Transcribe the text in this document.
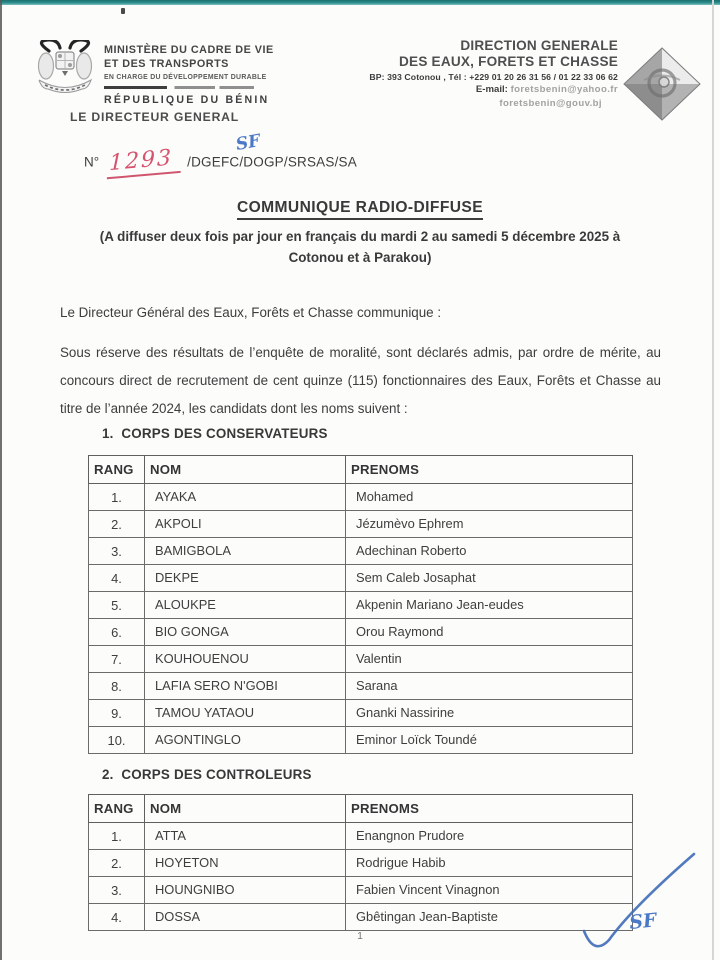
MINISTÈRE DU CADRE DE VIE
ET DES TRANSPORTS
EN CHARGE DU DÉVELOPPEMENT DURABLE
RÉPUBLIQUE DU BÉNIN
LE DIRECTEUR GENERAL
DIRECTION GENERALE
DES EAUX, FORETS ET CHASSE
BP: 393 Cotonou , Tél : +229 01 20 26 31 56 / 01 22 33 06 62
E-mail: foretsbenin@yahoo.fr
foretsbenin@gouv.bj
N° 1293 /DGEFC/DOGP/SRSAS/SA
SF
COMMUNIQUE RADIO-DIFFUSE
(A diffuser deux fois par jour en français du mardi 2 au samedi 5 décembre 2025 à Cotonou et à Parakou)
Le Directeur Général des Eaux, Forêts et Chasse communique :
Sous réserve des résultats de l’enquête de moralité, sont déclarés admis, par ordre de mérite, au concours direct de recrutement de cent quinze (115) fonctionnaires des Eaux, Forêts et Chasse au titre de l’année 2024, les candidats dont les noms suivent :
1. CORPS DES CONSERVATEURS
RANG	NOM	PRENOMS
1.	AYAKA	Mohamed
2.	AKPOLI	Jézumèvo Ephrem
3.	BAMIGBOLA	Adechinan Roberto
4.	DEKPE	Sem Caleb Josaphat
5.	ALOUKPE	Akpenin Mariano Jean-eudes
6.	BIO GONGA	Orou Raymond
7.	KOUHOUENOU	Valentin
8.	LAFIA SERO N'GOBI	Sarana
9.	TAMOU YATAOU	Gnanki Nassirine
10.	AGONTINGLO	Eminor Loïck Toundé
2. CORPS DES CONTROLEURS
RANG	NOM	PRENOMS
1.	ATTA	Enangnon Prudore
2.	HOYETON	Rodrigue Habib
3.	HOUNGNIBO	Fabien Vincent Vinagnon
4.	DOSSA	Gbêtingan Jean-Baptiste
1
SF
